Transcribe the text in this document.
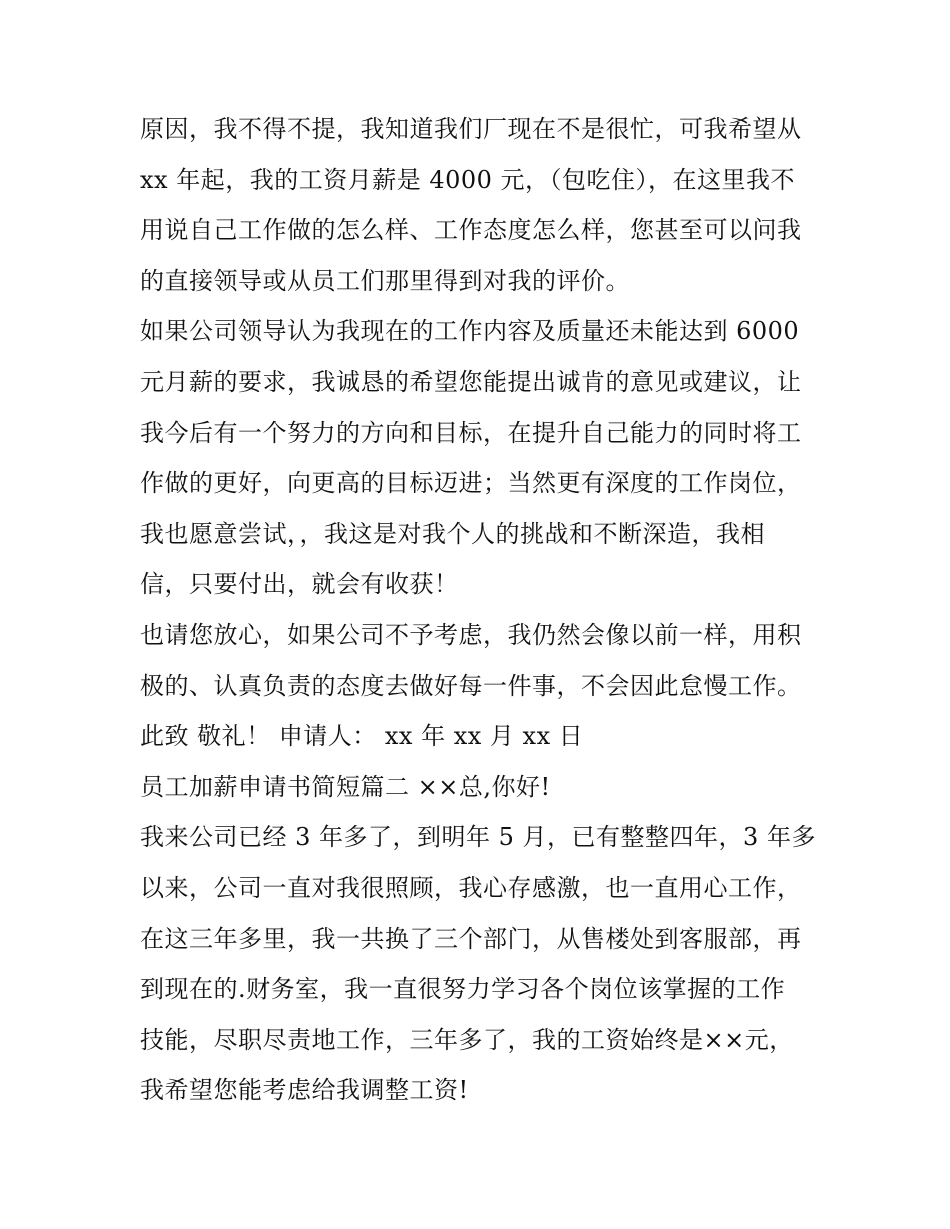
原因，我不得不提，我知道我们厂现在不是很忙，可我希望从

xx 年起，我的工资月薪是 4000 元，（包吃住），在这里我不

用说自己工作做的怎么样、工作态度怎么样，您甚至可以问我

的直接领导或从员工们那里得到对我的评价。

如果公司领导认为我现在的工作内容及质量还未能达到 6000

元月薪的要求，我诚恳的希望您能提出诚肯的意见或建议，让

我今后有一个努力的方向和目标，在提升自己能力的同时将工

作做的更好，向更高的目标迈进；当然更有深度的工作岗位，

我也愿意尝试，，我这是对我个人的挑战和不断深造，我相

信，只要付出，就会有收获！

也请您放心，如果公司不予考虑，我仍然会像以前一样，用积

极的、认真负责的态度去做好每一件事，不会因此怠慢工作。

此致 敬礼！ 申请人： xx 年 xx 月 xx 日

员工加薪申请书简短篇二 ××总,你好!

我来公司已经 3 年多了，到明年 5 月，已有整整四年，3 年多

以来，公司一直对我很照顾，我心存感激，也一直用心工作，

在这三年多里，我一共换了三个部门，从售楼处到客服部，再

到现在的.财务室，我一直很努力学习各个岗位该掌握的工作

技能，尽职尽责地工作，三年多了，我的工资始终是××元，

我希望您能考虑给我调整工资!
